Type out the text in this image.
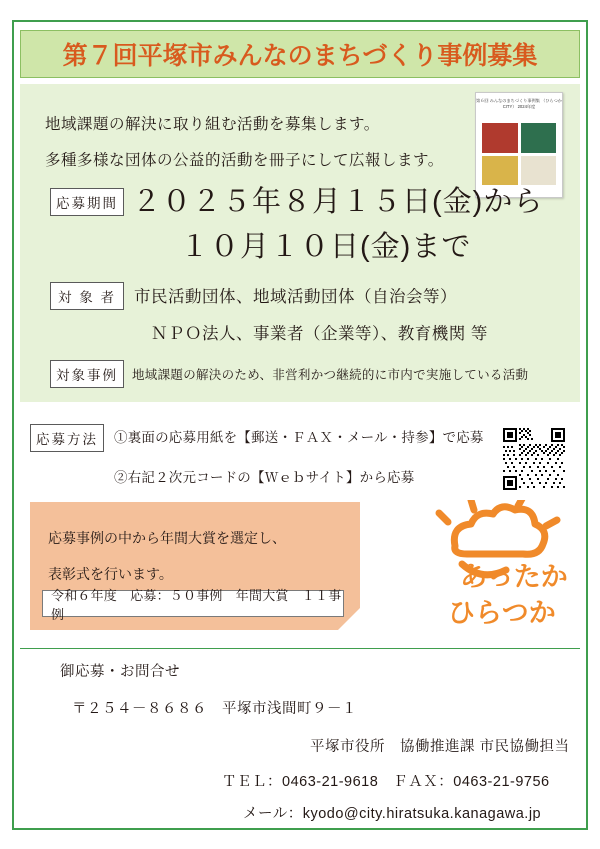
第７回平塚市みんなのまちづくり事例募集
地域課題の解決に取り組む活動を募集します。
多種多様な団体の公益的活動を冊子にして広報します。
第６回 みんなのまちづくり事例集 （ひらつか CITY） 2024年度
応募期間 ２０２５年８月１５日(金)から
１０月１０日(金)まで
対 象 者	市民活動団体、地域活動団体（自治会等）
ＮＰＯ法人、事業者（企業等）、教育機関 等
対象事例	地域課題の解決のため、非営利かつ継続的に市内で実施している活動
応募方法	①裏面の応募用紙を【郵送・ＦＡＸ・メール・持参】で応募
②右記２次元コードの【Ｗｅｂサイト】から応募
応募事例の中から年間大賞を選定し、
表彰式を行います。
令和６年度　応募：５０事例　年間大賞　１１事例
あったか
ひらつか
御応募・お問合せ
〒２５４－８６８６　平塚市浅間町９－１
平塚市役所　協働推進課 市民協働担当
ＴＥＬ：0463-21-9618　ＦＡＸ：0463-21-9756
メール：kyodo@city.hiratsuka.kanagawa.jp
